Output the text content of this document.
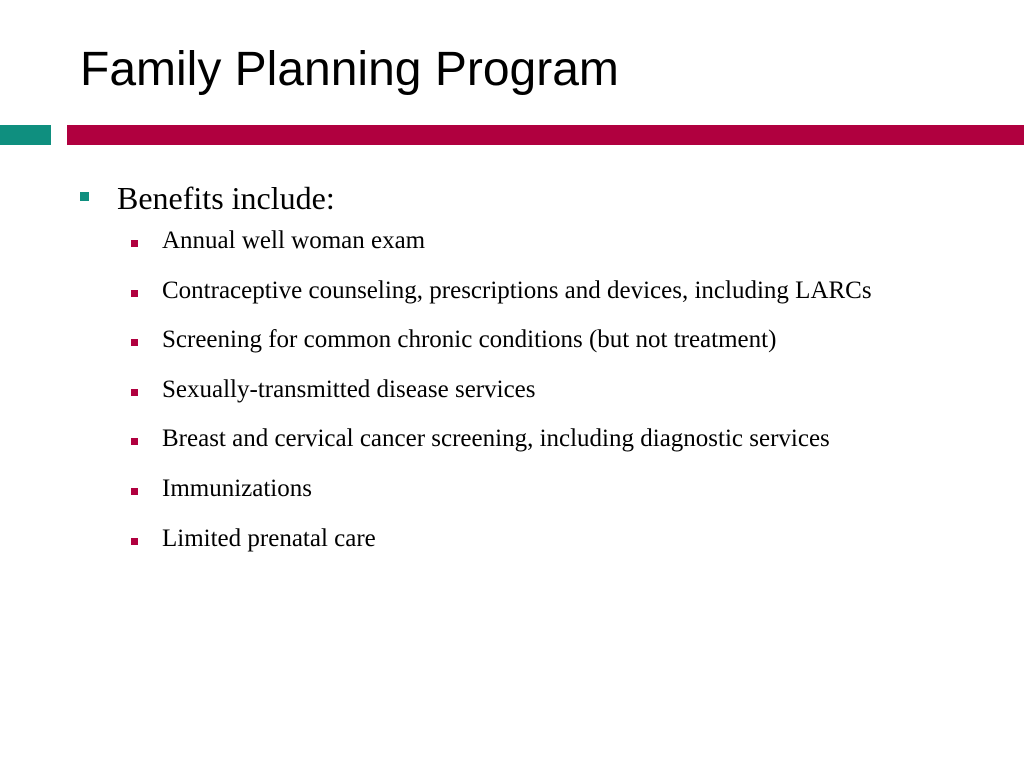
Family Planning Program
Benefits include:
Annual well woman exam
Contraceptive counseling, prescriptions and devices, including LARCs
Screening for common chronic conditions (but not treatment)
Sexually-transmitted disease services
Breast and cervical cancer screening, including diagnostic services
Immunizations
Limited prenatal care
